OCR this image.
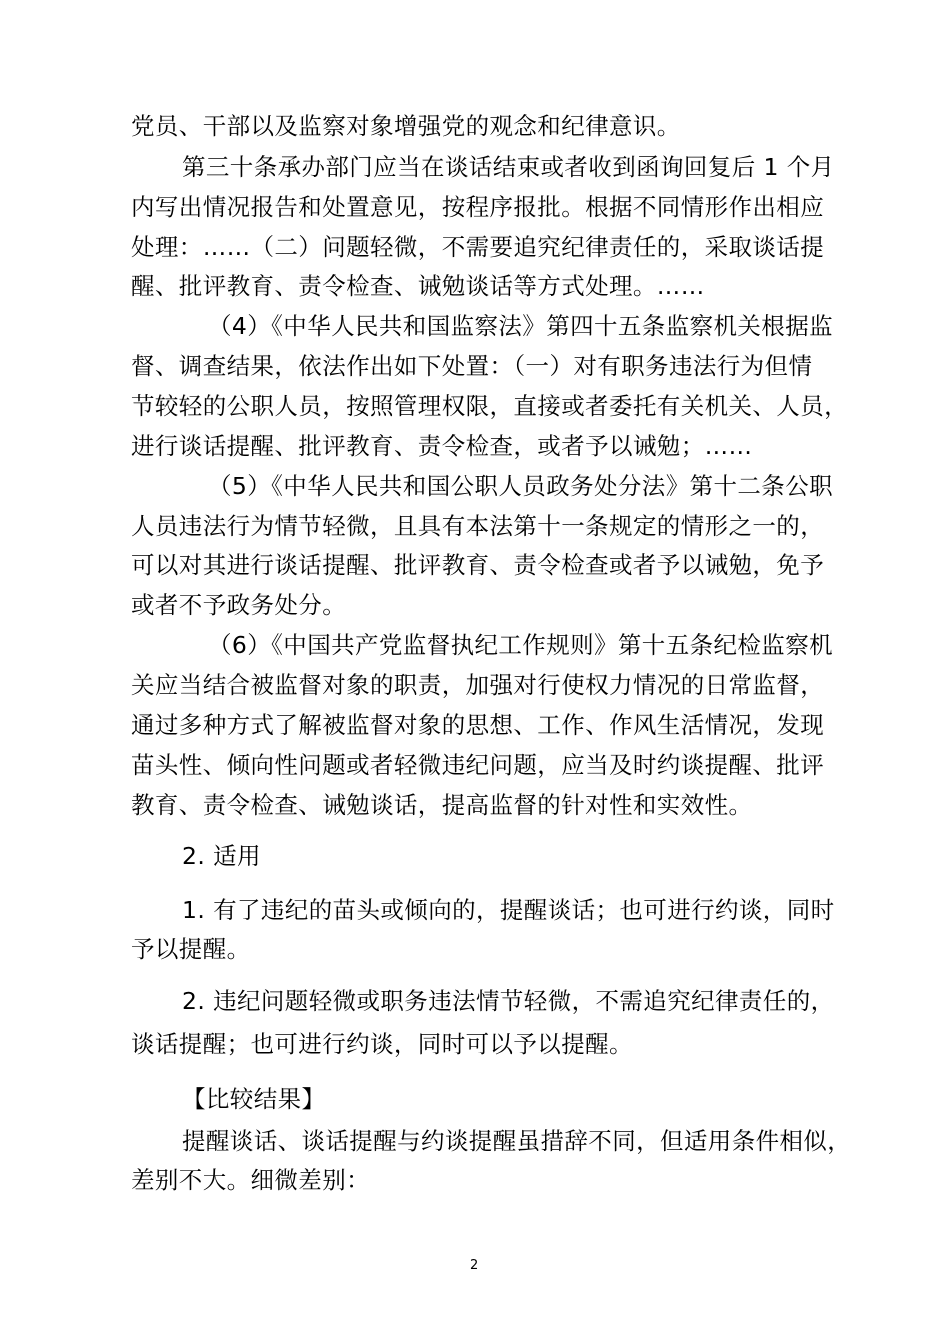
党员、干部以及监察对象增强党的观念和纪律意识。

第三十条承办部门应当在谈话结束或者收到函询回复后 1 个月

内写出情况报告和处置意见，按程序报批。根据不同情形作出相应

处理：……（二）问题轻微，不需要追究纪律责任的，采取谈话提

醒、批评教育、责令检查、诫勉谈话等方式处理。……

（4）《中华人民共和国监察法》第四十五条监察机关根据监

督、调查结果，依法作出如下处置：（一）对有职务违法行为但情

节较轻的公职人员，按照管理权限，直接或者委托有关机关、人员，

进行谈话提醒、批评教育、责令检查，或者予以诫勉；……

（5）《中华人民共和国公职人员政务处分法》第十二条公职

人员违法行为情节轻微，且具有本法第十一条规定的情形之一的，

可以对其进行谈话提醒、批评教育、责令检查或者予以诫勉，免予

或者不予政务处分。

（6）《中国共产党监督执纪工作规则》第十五条纪检监察机

关应当结合被监督对象的职责，加强对行使权力情况的日常监督，

通过多种方式了解被监督对象的思想、工作、作风生活情况，发现

苗头性、倾向性问题或者轻微违纪问题，应当及时约谈提醒、批评

教育、责令检查、诫勉谈话，提高监督的针对性和实效性。

2. 适用

1. 有了违纪的苗头或倾向的，提醒谈话；也可进行约谈，同时

予以提醒。

2. 违纪问题轻微或职务违法情节轻微，不需追究纪律责任的，

谈话提醒；也可进行约谈，同时可以予以提醒。

【比较结果】

提醒谈话、谈话提醒与约谈提醒虽措辞不同，但适用条件相似，

差别不大。细微差别：

2
